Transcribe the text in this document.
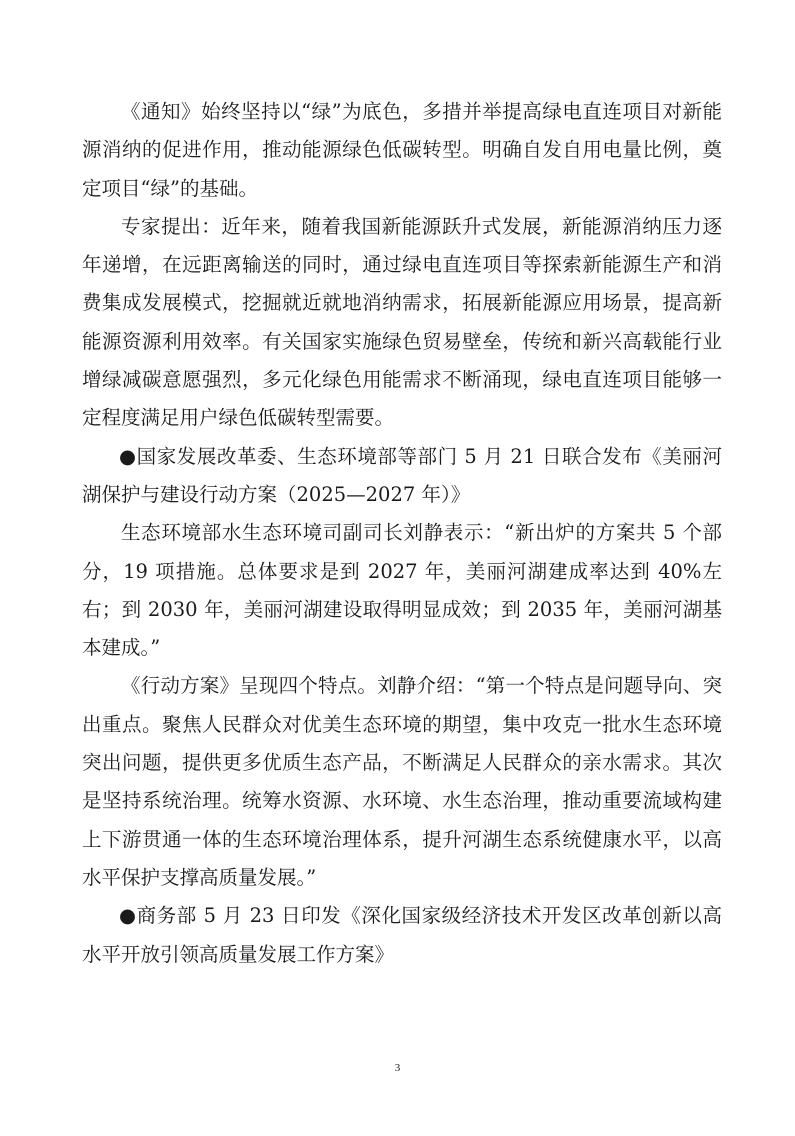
《通知》始终坚持以“绿”为底色，多措并举提高绿电直连项目对新能源消纳的促进作用，推动能源绿色低碳转型。明确自发自用电量比例，奠定项目“绿”的基础。

专家提出：近年来，随着我国新能源跃升式发展，新能源消纳压力逐年递增，在远距离输送的同时，通过绿电直连项目等探索新能源生产和消费集成发展模式，挖掘就近就地消纳需求，拓展新能源应用场景，提高新能源资源利用效率。有关国家实施绿色贸易壁垒，传统和新兴高载能行业增绿减碳意愿强烈，多元化绿色用能需求不断涌现，绿电直连项目能够一定程度满足用户绿色低碳转型需要。

●国家发展改革委、生态环境部等部门 5 月 21 日联合发布《美丽河湖保护与建设行动方案（2025—2027 年）》

生态环境部水生态环境司副司长刘静表示：“新出炉的方案共 5 个部分，19 项措施。总体要求是到 2027 年，美丽河湖建成率达到 40%左右；到 2030 年，美丽河湖建设取得明显成效；到 2035 年，美丽河湖基本建成。”

《行动方案》呈现四个特点。刘静介绍：“第一个特点是问题导向、突出重点。聚焦人民群众对优美生态环境的期望，集中攻克一批水生态环境突出问题，提供更多优质生态产品，不断满足人民群众的亲水需求。其次是坚持系统治理。统筹水资源、水环境、水生态治理，推动重要流域构建上下游贯通一体的生态环境治理体系，提升河湖生态系统健康水平，以高水平保护支撑高质量发展。”

●商务部 5 月 23 日印发《深化国家级经济技术开发区改革创新以高水平开放引领高质量发展工作方案》

3
